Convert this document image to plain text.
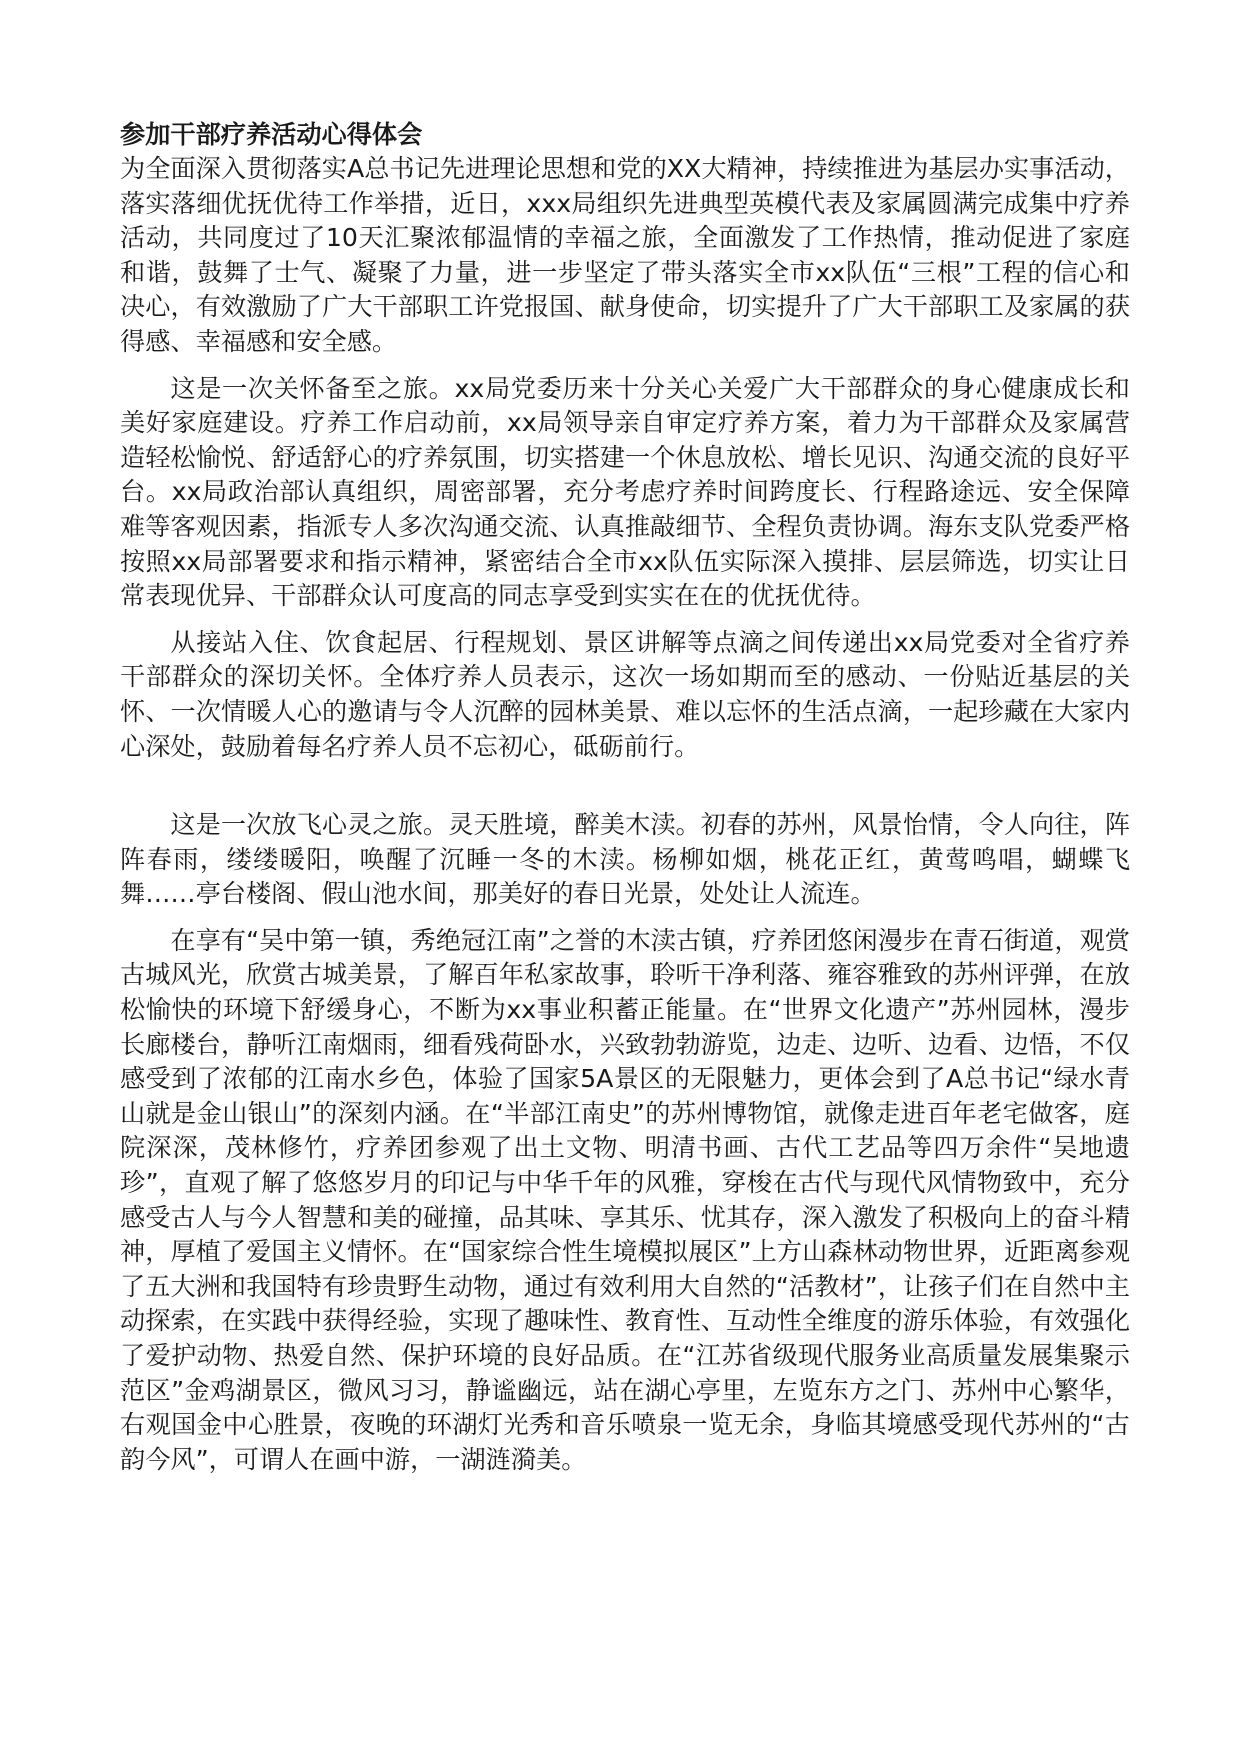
参加干部疗养活动心得体会

为全面深入贯彻落实A总书记先进理论思想和党的XX大精神，持续推进为基层办实事活动，落实落细优抚优待工作举措，近日，xxx局组织先进典型英模代表及家属圆满完成集中疗养活动，共同度过了10天汇聚浓郁温情的幸福之旅，全面激发了工作热情，推动促进了家庭和谐，鼓舞了士气、凝聚了力量，进一步坚定了带头落实全市xx队伍“三根”工程的信心和决心，有效激励了广大干部职工许党报国、献身使命，切实提升了广大干部职工及家属的获得感、幸福感和安全感。

这是一次关怀备至之旅。xx局党委历来十分关心关爱广大干部群众的身心健康成长和美好家庭建设。疗养工作启动前，xx局领导亲自审定疗养方案，着力为干部群众及家属营造轻松愉悦、舒适舒心的疗养氛围，切实搭建一个休息放松、增长见识、沟通交流的良好平台。xx局政治部认真组织，周密部署，充分考虑疗养时间跨度长、行程路途远、安全保障难等客观因素，指派专人多次沟通交流、认真推敲细节、全程负责协调。海东支队党委严格按照xx局部署要求和指示精神，紧密结合全市xx队伍实际深入摸排、层层筛选，切实让日常表现优异、干部群众认可度高的同志享受到实实在在的优抚优待。

从接站入住、饮食起居、行程规划、景区讲解等点滴之间传递出xx局党委对全省疗养干部群众的深切关怀。全体疗养人员表示，这次一场如期而至的感动、一份贴近基层的关怀、一次情暖人心的邀请与令人沉醉的园林美景、难以忘怀的生活点滴，一起珍藏在大家内心深处，鼓励着每名疗养人员不忘初心，砥砺前行。

这是一次放飞心灵之旅。灵天胜境，醉美木渎。初春的苏州，风景怡情，令人向往，阵阵春雨，缕缕暖阳，唤醒了沉睡一冬的木渎。杨柳如烟，桃花正红，黄莺鸣唱，蝴蝶飞舞……亭台楼阁、假山池水间，那美好的春日光景，处处让人流连。

在享有“吴中第一镇，秀绝冠江南”之誉的木渎古镇，疗养团悠闲漫步在青石街道，观赏古城风光，欣赏古城美景，了解百年私家故事，聆听干净利落、雍容雅致的苏州评弹，在放松愉快的环境下舒缓身心，不断为xx事业积蓄正能量。在“世界文化遗产”苏州园林，漫步长廊楼台，静听江南烟雨，细看残荷卧水，兴致勃勃游览，边走、边听、边看、边悟，不仅感受到了浓郁的江南水乡色，体验了国家5A景区的无限魅力，更体会到了A总书记“绿水青山就是金山银山”的深刻内涵。在“半部江南史”的苏州博物馆，就像走进百年老宅做客，庭院深深，茂林修竹，疗养团参观了出土文物、明清书画、古代工艺品等四万余件“吴地遗珍”，直观了解了悠悠岁月的印记与中华千年的风雅，穿梭在古代与现代风情物致中，充分感受古人与今人智慧和美的碰撞，品其味、享其乐、忧其存，深入激发了积极向上的奋斗精神，厚植了爱国主义情怀。在“国家综合性生境模拟展区”上方山森林动物世界，近距离参观了五大洲和我国特有珍贵野生动物，通过有效利用大自然的“活教材”，让孩子们在自然中主动探索，在实践中获得经验，实现了趣味性、教育性、互动性全维度的游乐体验，有效强化了爱护动物、热爱自然、保护环境的良好品质。在“江苏省级现代服务业高质量发展集聚示范区”金鸡湖景区，微风习习，静谧幽远，站在湖心亭里，左览东方之门、苏州中心繁华，右观国金中心胜景，夜晚的环湖灯光秀和音乐喷泉一览无余，身临其境感受现代苏州的“古韵今风”，可谓人在画中游，一湖涟漪美。
